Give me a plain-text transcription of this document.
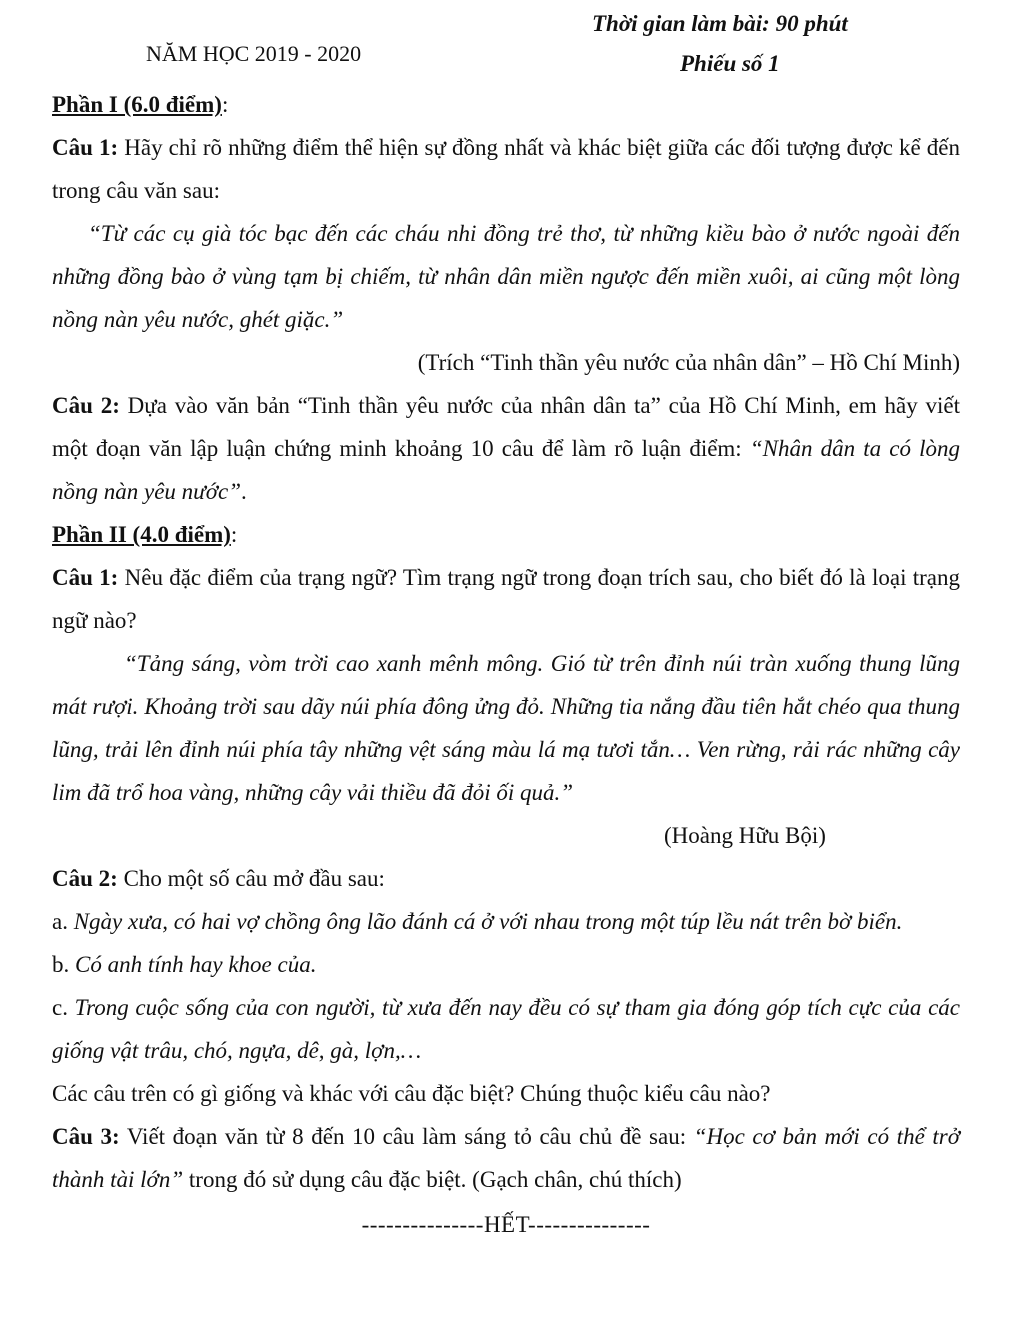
Thời gian làm bài: 90 phút
NĂM HỌC 2019 - 2020	Phiếu số 1

Phần I (6.0 điểm):

Câu 1: Hãy chỉ rõ những điểm thể hiện sự đồng nhất và khác biệt giữa các đối tượng được kể đến trong câu văn sau:

“Từ các cụ già tóc bạc đến các cháu nhi đồng trẻ thơ, từ những kiều bào ở nước ngoài đến những đồng bào ở vùng tạm bị chiếm, từ nhân dân miền ngược đến miền xuôi, ai cũng một lòng nồng nàn yêu nước, ghét giặc.”

(Trích “Tinh thần yêu nước của nhân dân” – Hồ Chí Minh)

Câu 2: Dựa vào văn bản “Tinh thần yêu nước của nhân dân ta” của Hồ Chí Minh, em hãy viết một đoạn văn lập luận chứng minh khoảng 10 câu để làm rõ luận điểm: “Nhân dân ta có lòng nồng nàn yêu nước”.

Phần II (4.0 điểm):

Câu 1: Nêu đặc điểm của trạng ngữ? Tìm trạng ngữ trong đoạn trích sau, cho biết đó là loại trạng ngữ nào?

“Tảng sáng, vòm trời cao xanh mênh mông. Gió từ trên đỉnh núi tràn xuống thung lũng mát rượi. Khoảng trời sau dãy núi phía đông ửng đỏ. Những tia nắng đầu tiên hắt chéo qua thung lũng, trải lên đỉnh núi phía tây những vệt sáng màu lá mạ tươi tắn… Ven rừng, rải rác những cây lim đã trổ hoa vàng, những cây vải thiều đã đỏi ối quả.”

(Hoàng Hữu Bội)

Câu 2: Cho một số câu mở đầu sau:

a. Ngày xưa, có hai vợ chồng ông lão đánh cá ở với nhau trong một túp lều nát trên bờ biển.

b. Có anh tính hay khoe của.

c. Trong cuộc sống của con người, từ xưa đến nay đều có sự tham gia đóng góp tích cực của các giống vật trâu, chó, ngựa, dê, gà, lợn,…

Các câu trên có gì giống và khác với câu đặc biệt? Chúng thuộc kiểu câu nào?

Câu 3: Viết đoạn văn từ 8 đến 10 câu làm sáng tỏ câu chủ đề sau: “Học cơ bản mới có thể trở thành tài lớn” trong đó sử dụng câu đặc biệt. (Gạch chân, chú thích)

---------------HẾT---------------
